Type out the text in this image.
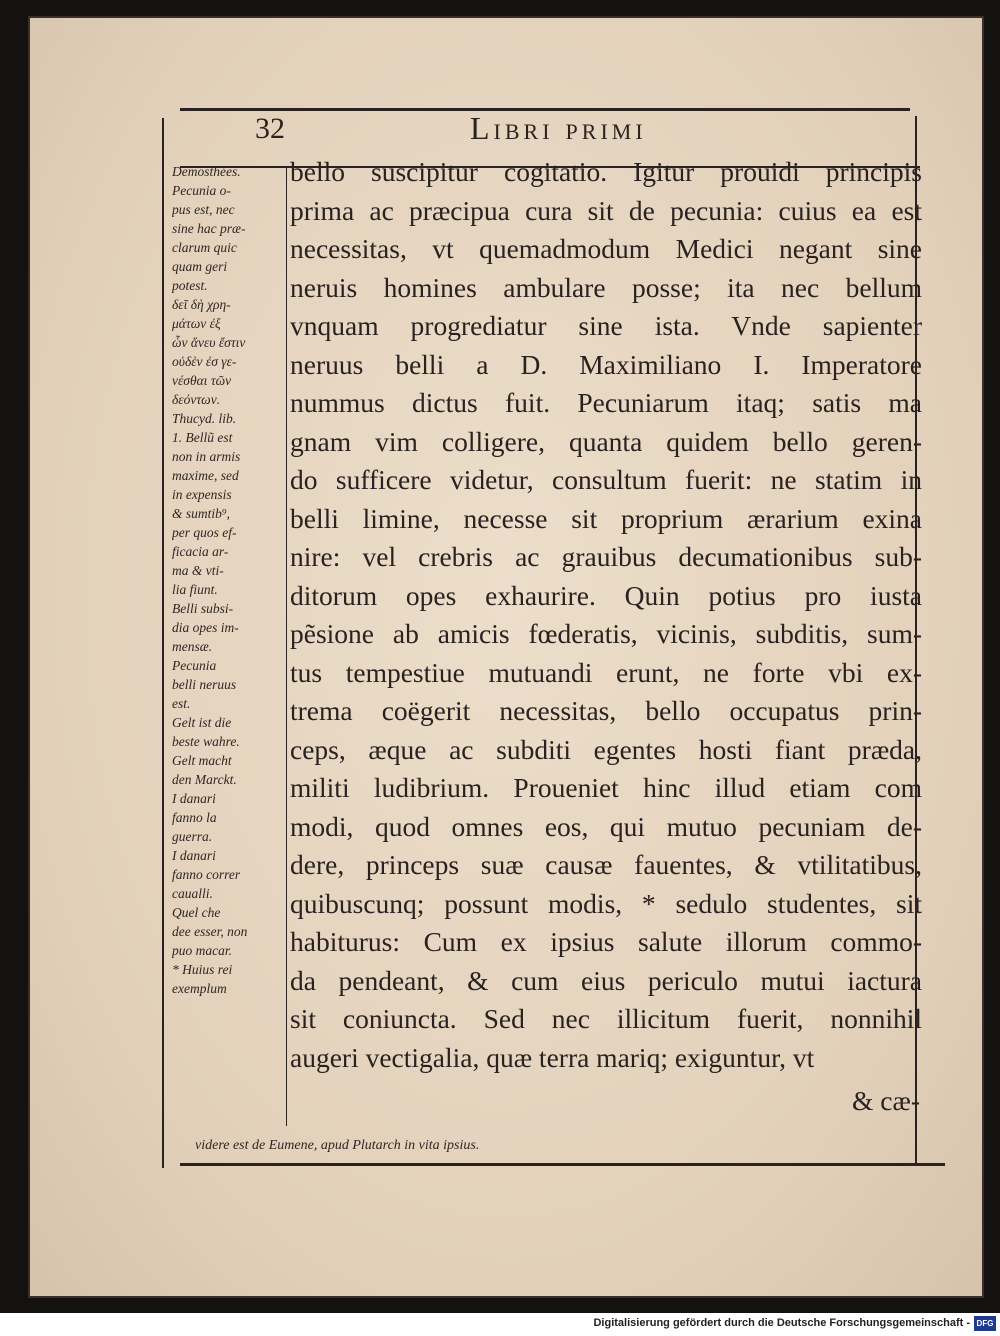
32	Libri primi
Demosthées.
Pecunia o-
pus est, nec
sine hac præ-
clarum quic
quam geri
potest.
δεῖ δὴ χρη-
μάτων ἐξ
ὧν ἄνευ ἔστιν
οὐδὲν ἐσ γε-
νέσθαι τῶν
δεόντων.
Thucyd. lib.
1. Bellũ est
non in armis
maxime, sed
in expensis
& sumtib⁹,
per quos ef-
ficacia ar-
ma & vti-
lia fiunt.
Belli subsi-
dia opes im-
mensæ.
Pecunia
belli neruus
est.
Gelt ist die
beste wahre.
Gelt macht
den Marckt.
I danari
fanno la
guerra.
I danari
fanno correr
caualli.
Quel che
dee esser, non
puo macar.
* Huius rei
exemplum
bello suscipitur cogitatio. Igitur prouidi principis
prima ac præcipua cura sit de pecunia: cuius ea est
necessitas, vt quemadmodum Medici negant sine
neruis homines ambulare posse; ita nec bellum
vnquam progrediatur sine ista. Vnde sapienter
neruus belli a D. Maximiliano I. Imperatore
nummus dictus fuit. Pecuniarum itaq; satis ma
gnam vim colligere, quanta quidem bello geren-
do sufficere videtur, consultum fuerit: ne statim in
belli limine, necesse sit proprium ærarium exina
nire: vel crebris ac grauibus decumationibus sub-
ditorum opes exhaurire. Quin potius pro iusta
pẽsione ab amicis fœderatis, vicinis, subditis, sum-
tus tempestiue mutuandi erunt, ne forte vbi ex-
trema coëgerit necessitas, bello occupatus prin-
ceps, æque ac subditi egentes hosti fiant præda,
militi ludibrium. Proueniet hinc illud etiam com
modi, quod omnes eos, qui mutuo pecuniam de-
dere, princeps suæ causæ fauentes, & vtilitatibus,
quibuscunq; possunt modis, * sedulo studentes, sit
habiturus: Cum ex ipsius salute illorum commo-
da pendeant, & cum eius periculo mutui iactura
sit coniuncta. Sed nec illicitum fuerit, nonnihil
augeri vectigalia, quæ terra mariq; exiguntur, vt
& cæ-
videre est de Eumene, apud Plutarch in vita ipsius.
Digitalisierung gefördert durch die Deutsche Forschungsgemeinschaft - DFG
